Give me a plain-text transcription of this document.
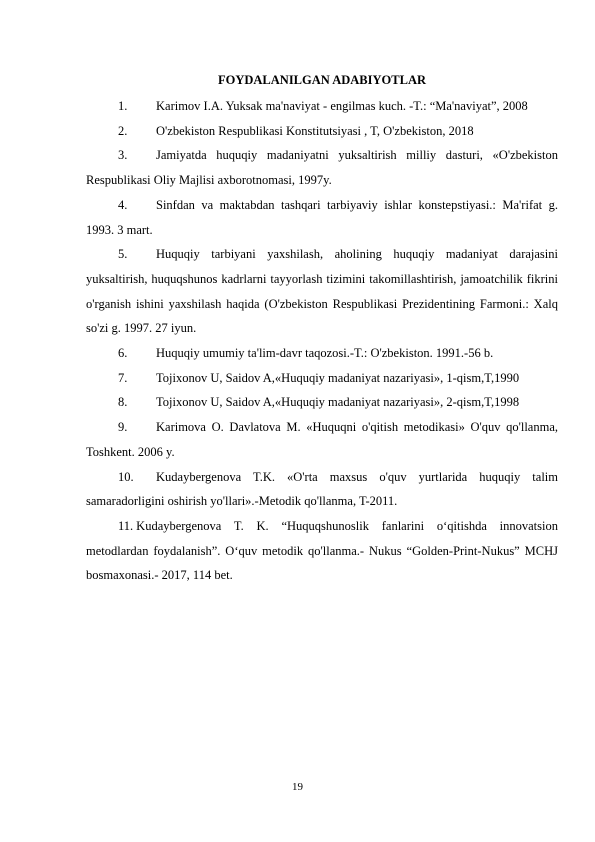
FOYDALANILGAN ADABIYOTLAR
1. Karimov I.A. Yuksak ma'naviyat - engilmas kuch. -T.: “Ma'naviyat”, 2008
2. O'zbekiston Respublikasi Konstitutsiyasi , T, O'zbekiston, 2018
3. Jamiyatda huquqiy madaniyatni yuksaltirish milliy dasturi, «O'zbekiston Respublikasi Oliy Majlisi axborotnomasi, 1997y.
4. Sinfdan va maktabdan tashqari tarbiyaviy ishlar konstepstiyasi.: Ma'rifat g. 1993. 3 mart.
5. Huquqiy tarbiyani yaxshilash, aholining huquqiy madaniyat darajasini yuksaltirish, huquqshunos kadrlarni tayyorlash tizimini takomillashtirish, jamoatchilik fikrini o'rganish ishini yaxshilash haqida (O'zbekiston Respublikasi Prezidentining Farmoni.: Xalq so'zi g. 1997. 27 iyun.
6. Huquqiy umumiy ta'lim-davr taqozosi.-T.: O'zbekiston. 1991.-56 b.
7. Tojixonov U, Saidov A,«Huquqiy madaniyat nazariyasi», 1-qism,T,1990
8. Tojixonov U, Saidov A,«Huquqiy madaniyat nazariyasi», 2-qism,T,1998
9. Karimova O. Davlatova M. «Huquqni o'qitish metodikasi» O'quv qo'llanma, Toshkent. 2006 y.
10. Kudaybergenova T.K. «O'rta maxsus o'quv yurtlarida huquqiy talim samaradorligini oshirish yo'llari».-Metodik qo'llanma, T-2011.
11. Kudaybergenova T. K. “Huquqshunoslik fanlarini o‘qitishda innovatsion metodlardan foydalanish”. O‘quv metodik qo'llanma.- Nukus “Golden-Print-Nukus” MCHJ bosmaxonasi.- 2017, 114 bet.
19
